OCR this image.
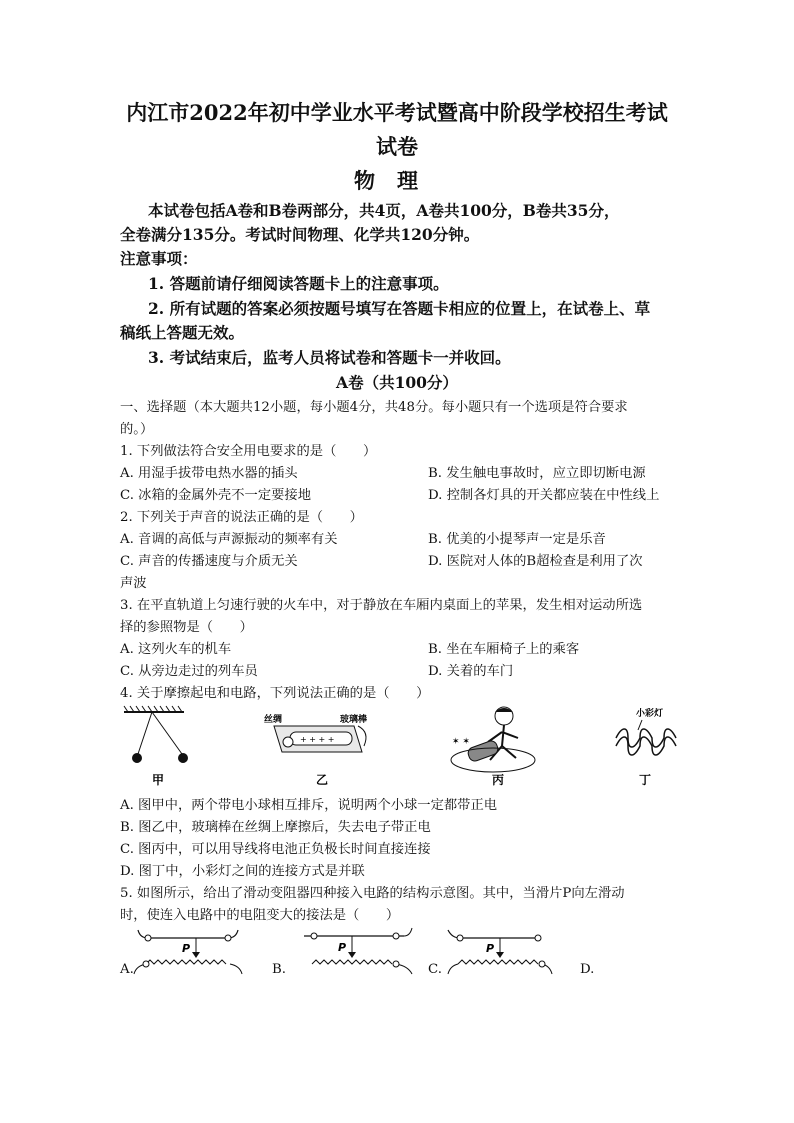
内江市2022年初中学业水平考试暨高中阶段学校招生考试
试卷
物理
本试卷包括A卷和B卷两部分，共4页，A卷共100分，B卷共35分，
全卷满分135分。考试时间物理、化学共120分钟。
注意事项：
1. 答题前请仔细阅读答题卡上的注意事项。
2. 所有试题的答案必须按题号填写在答题卡相应的位置上，在试卷上、草
稿纸上答题无效。
3. 考试结束后，监考人员将试卷和答题卡一并收回。
A卷（共100分）
一、选择题（本大题共12小题，每小题4分，共48分。每小题只有一个选项是符合要求
的。）
1. 下列做法符合安全用电要求的是（　　）
A. 用湿手拔带电热水器的插头	B. 发生触电事故时，应立即切断电源
C. 冰箱的金属外壳不一定要接地	D. 控制各灯具的开关都应装在中性线上
2. 下列关于声音的说法正确的是（　　）
A. 音调的高低与声源振动的频率有关	B. 优美的小提琴声一定是乐音
C. 声音的传播速度与介质无关	D. 医院对人体的B超检查是利用了次
声波
3. 在平直轨道上匀速行驶的火车中，对于静放在车厢内桌面上的苹果，发生相对运动所选
择的参照物是（　　）
A. 这列火车的机车	B. 坐在车厢椅子上的乘客
C. 从旁边走过的列车员	D. 关着的车门
4. 关于摩擦起电和电路，下列说法正确的是（　　）
甲
+ + + +
丝绸	玻璃棒
乙
✶ ✶
丙
小彩灯
丁
A. 图甲中，两个带电小球相互排斥，说明两个小球一定都带正电
B. 图乙中，玻璃棒在丝绸上摩擦后，失去电子带正电
C. 图丙中，可以用导线将电池正负极长时间直接连接
D. 图丁中，小彩灯之间的连接方式是并联
5. 如图所示，给出了滑动变阻器四种接入电路的结构示意图。其中，当滑片P向左滑动
时，使连入电路中的电阻变大的接法是（　　）
P	P	P
A.	B.	C.	D.
